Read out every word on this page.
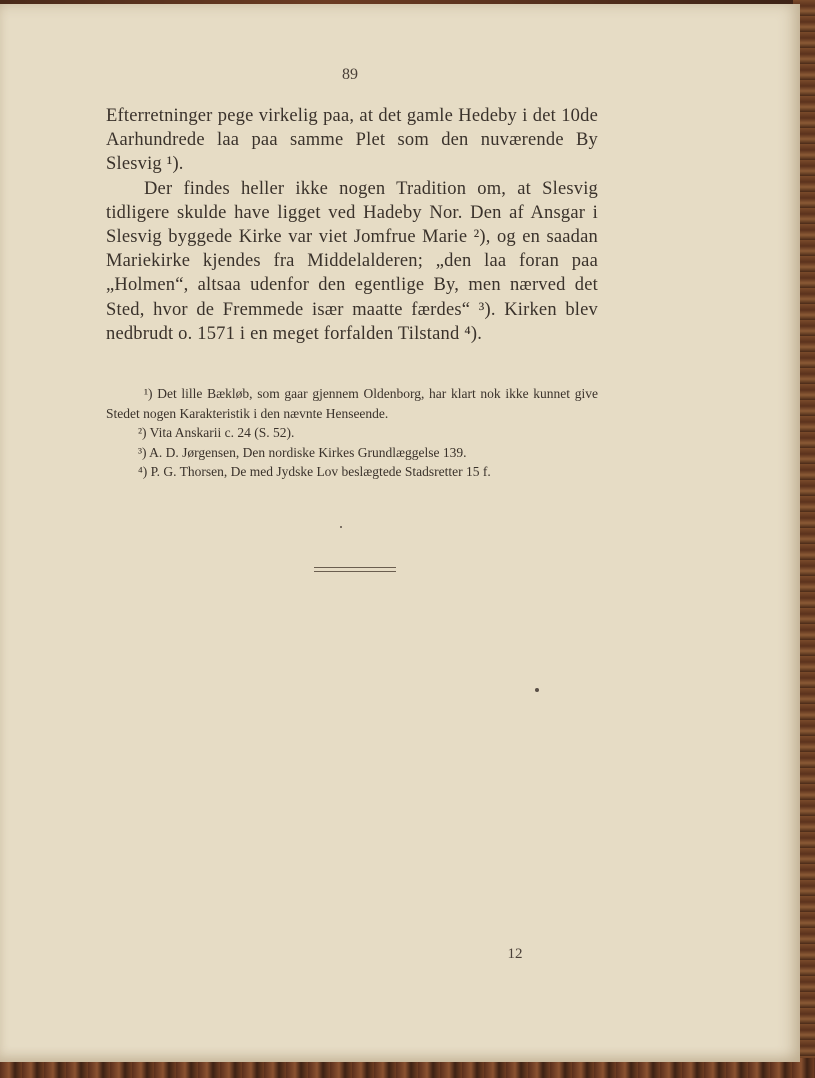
89

Efterretninger pege virkelig paa, at det gamle Hedeby i det 10de Aarhundrede laa paa samme Plet som den nuværende By Slesvig ¹).

Der findes heller ikke nogen Tradition om, at Slesvig tidligere skulde have ligget ved Hadeby Nor. Den af Ansgar i Slesvig byggede Kirke var viet Jomfrue Marie ²), og en saadan Mariekirke kjendes fra Middelalderen; „den laa foran paa „Holmen“, altsaa udenfor den egentlige By, men nærved det Sted, hvor de Fremmede især maatte færdes“ ³). Kirken blev nedbrudt o. 1571 i en meget forfalden Tilstand ⁴).

¹) Det lille Bækløb, som gaar gjennem Oldenborg, har klart nok ikke kunnet give Stedet nogen Karakteristik i den nævnte Henseende.

²) Vita Anskarii c. 24 (S. 52).

³) A. D. Jørgensen, Den nordiske Kirkes Grundlæggelse 139.

⁴) P. G. Thorsen, De med Jydske Lov beslægtede Stadsretter 15 f.

12
